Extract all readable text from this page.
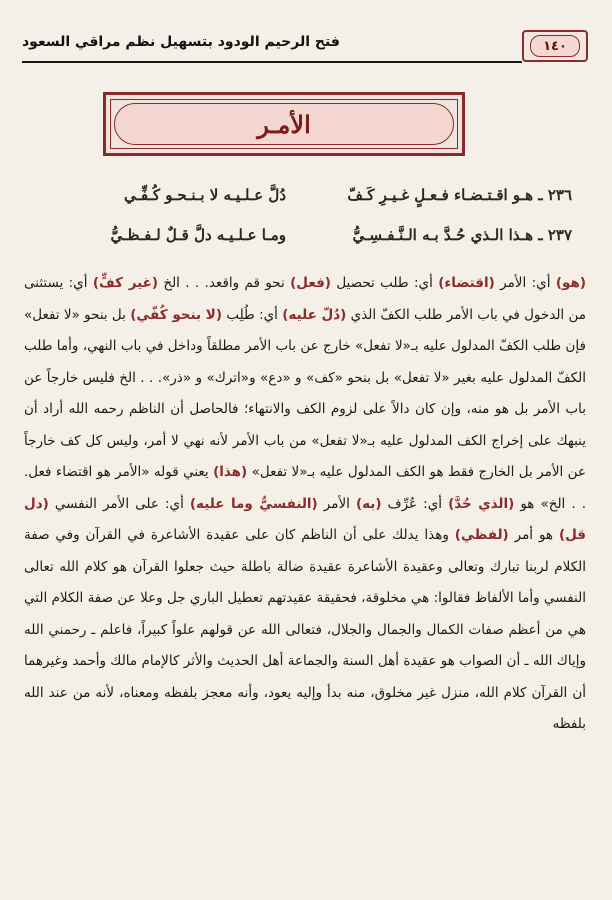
١٤٠
فتح الرحيم الودود بتسهيل نظم مراقي السعود
الأمـر
٢٣٦ ـ هـو اقـتـضـاء فـعـلٍ غـيـرِ كَـفّ
دُلَّ عـلـيـه لا بـنـحـو كُـفِّـي
٢٣٧ ـ هـذا الـذي حُـدَّ بـه الـنَّـفـسِـيُّ
ومـا عـلـيـه دلَّ قـلٌ لـفـظـيُّ
(هو) أي: الأمر (اقتضاء) أي: طلب تحصيل (فعل) نحو قم واقعد. . . الخ (غير كفٍّ) أي: يستثنى من الدخول في باب الأمر طلب الكفّ الذي (دُلّ عليه) أي: طُلِب (لا بنحو كُفّي) بل بنحو «لا تفعل» فإن طلب الكفّ المدلول عليه بـ«لا تفعل» خارج عن باب الأمر مطلقاً وداخل في باب النهي، وأما طلب الكفّ المدلول عليه بغير «لا تفعل» بل بنحو «كف» و «دع» و«اترك» و «ذر». . . الخ فليس خارجاً عن باب الأمر بل هو منه، وإن كان دالاً على لزوم الكف والانتهاء؛ فالحاصل أن الناظم رحمه الله أراد أن ينبهك على إخراج الكف المدلول عليه بـ«لا تفعل» من باب الأمر لأنه نهي لا أمر، وليس كل كف خارجاً عن الأمر بل الخارج فقط هو الكف المدلول عليه بـ«لا تفعل» (هذا) يعني قوله «الأمر هو اقتضاء فعل. . . الخ» هو (الذي حُدَّ) أي: عُرِّف (به) الأمر (النفسيُّ وما عليه) أي: على الأمر النفسي (دل قل) هو أمر (لفظي) وهذا يدلك على أن الناظم كان على عقيدة الأشاعرة في القرآن وفي صفة الكلام لربنا تبارك وتعالى وعقيدة الأشاعرة عقيدة ضالة باطلة حيث جعلوا القرآن هو كلام الله تعالى النفسي وأما الألفاظ فقالوا: هي مخلوقة، فحقيقة عقيدتهم تعطيل الباري جل وعلا عن صفة الكلام التي هي من أعظم صفات الكمال والجمال والجلال، فتعالى الله عن قولهم علواً كبيراً، فاعلم ـ رحمني الله وإياك الله ـ أن الصواب هو عقيدة أهل السنة والجماعة أهل الحديث والأثر كالإمام مالك وأحمد وغيرهما أن القرآن كلام الله، منزل غير مخلوق، منه بدأ وإليه يعود، وأنه معجز بلفظه ومعناه، لأنه من عند الله بلفظه
